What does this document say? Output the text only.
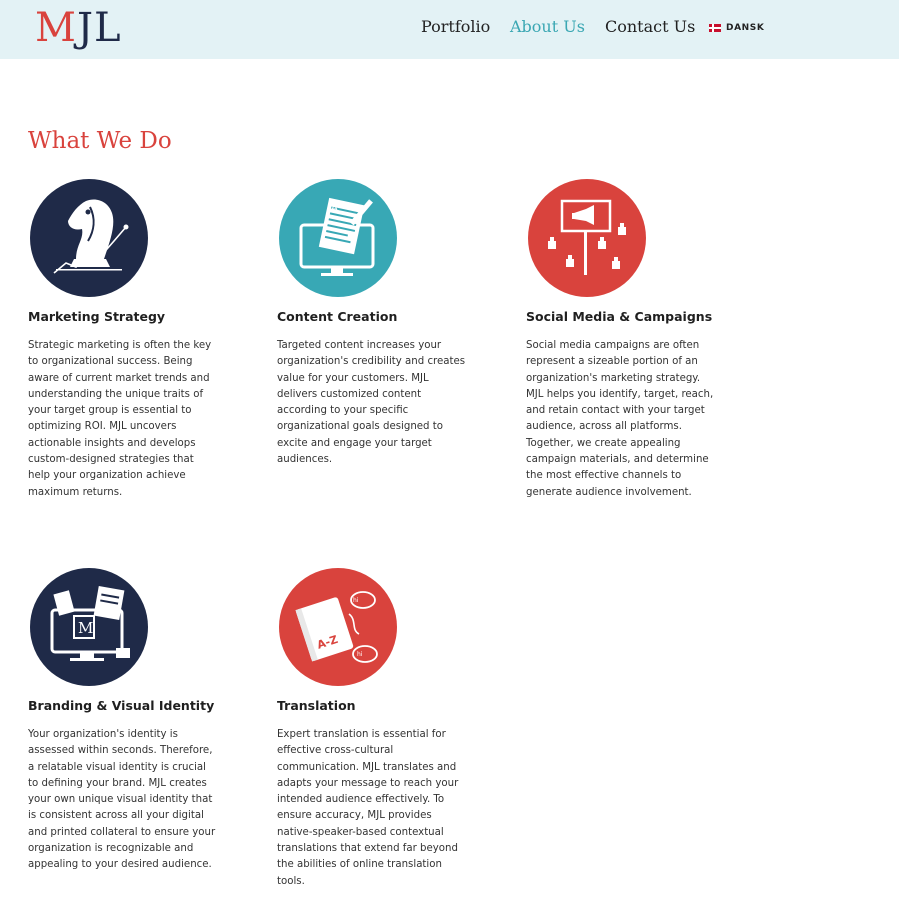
MJL	Portfolio About Us Contact Us	DANSK
What We Do
Marketing Strategy

Strategic marketing is often the key to organizational success. Being aware of current market trends and understanding the unique traits of your target group is essential to optimizing ROI. MJL uncovers actionable insights and develops custom-designed strategies that help your organization achieve maximum returns.

A
Content Creation

Targeted content increases your organization's credibility and creates value for your customers. MJL delivers customized content according to your specific organizational goals designed to excite and engage your target audiences.

Social Media & Campaigns

Social media campaigns are often represent a sizeable portion of an organization's marketing strategy. MJL helps you identify, target, reach, and retain contact with your target audience, across all platforms. Together, we create appealing campaign materials, and determine the most effective channels to generate audience involvement.

M
Branding & Visual Identity

Your organization's identity is assessed within seconds. Therefore, a relatable visual identity is crucial to defining your brand. MJL creates your own unique visual identity that is consistent across all your digital and printed collateral to ensure your organization is recognizable and appealing to your desired audience.

A-Z
hi
hi
Translation

Expert translation is essential for effective cross-cultural communication. MJL translates and adapts your message to reach your intended audience effectively. To ensure accuracy, MJL provides native-speaker-based contextual translations that extend far beyond the abilities of online translation tools.
